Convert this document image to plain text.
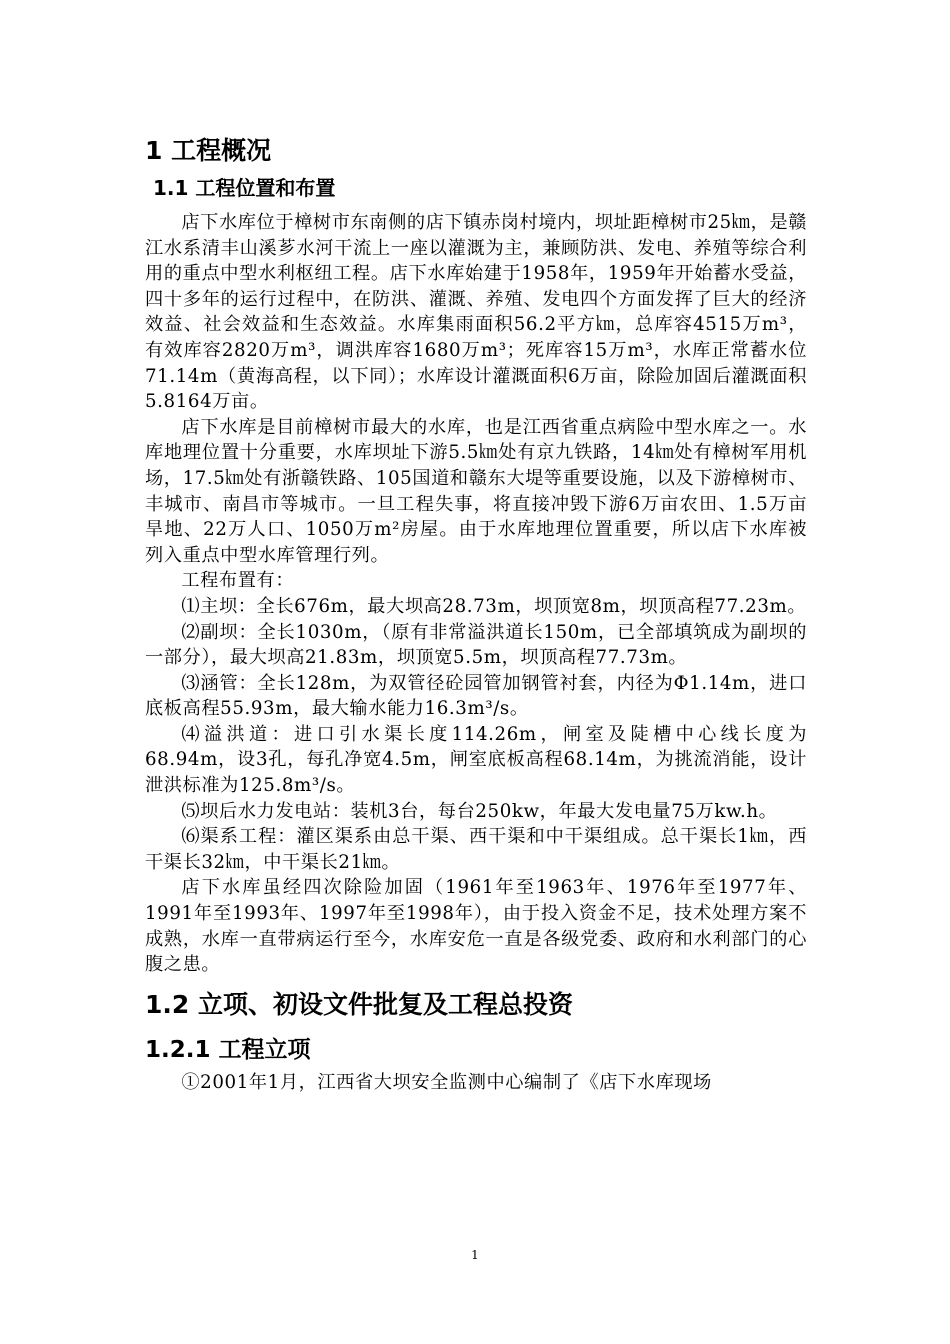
1 工程概况
1.1 工程位置和布置

店下水库位于樟树市东南侧的店下镇赤岗村境内，坝址距樟树市25㎞，是赣江水系清丰山溪芗水河干流上一座以灌溉为主，兼顾防洪、发电、养殖等综合利用的重点中型水利枢纽工程。店下水库始建于1958年，1959年开始蓄水受益，四十多年的运行过程中，在防洪、灌溉、养殖、发电四个方面发挥了巨大的经济效益、社会效益和生态效益。水库集雨面积56.2平方㎞，总库容4515万m³，有效库容2820万m³，调洪库容1680万m³；死库容15万m³，水库正常蓄水位71.14m（黄海高程，以下同）；水库设计灌溉面积6万亩，除险加固后灌溉面积5.8164万亩。

店下水库是目前樟树市最大的水库，也是江西省重点病险中型水库之一。水库地理位置十分重要，水库坝址下游5.5㎞处有京九铁路，14㎞处有樟树军用机场，17.5㎞处有浙赣铁路、105国道和赣东大堤等重要设施，以及下游樟树市、丰城市、南昌市等城市。一旦工程失事，将直接冲毁下游6万亩农田、1.5万亩旱地、22万人口、1050万m²房屋。由于水库地理位置重要，所以店下水库被列入重点中型水库管理行列。

工程布置有：

⑴主坝：全长676m，最大坝高28.73m，坝顶宽8m，坝顶高程77.23m。

⑵副坝：全长1030m，（原有非常溢洪道长150m，已全部填筑成为副坝的一部分），最大坝高21.83m，坝顶宽5.5m，坝顶高程77.73m。

⑶涵管：全长128m，为双管径砼园管加钢管衬套，内径为Φ1.14m，进口底板高程55.93m，最大输水能力16.3m³/s。

⑷溢洪道：进口引水渠长度114.26m，闸室及陡槽中心线长度为68.94m，设3孔，每孔净宽4.5m，闸室底板高程68.14m，为挑流消能，设计泄洪标准为125.8m³/s。

⑸坝后水力发电站：装机3台，每台250kw，年最大发电量75万kw.h。

⑹渠系工程：灌区渠系由总干渠、西干渠和中干渠组成。总干渠长1㎞，西干渠长32㎞，中干渠长21㎞。

店下水库虽经四次除险加固（1961年至1963年、1976年至1977年、1991年至1993年、1997年至1998年），由于投入资金不足，技术处理方案不成熟，水库一直带病运行至今，水库安危一直是各级党委、政府和水利部门的心腹之患。

1.2 立项、初设文件批复及工程总投资
1.2.1 工程立项

①2001年1月，江西省大坝安全监测中心编制了《店下水库现场

1
